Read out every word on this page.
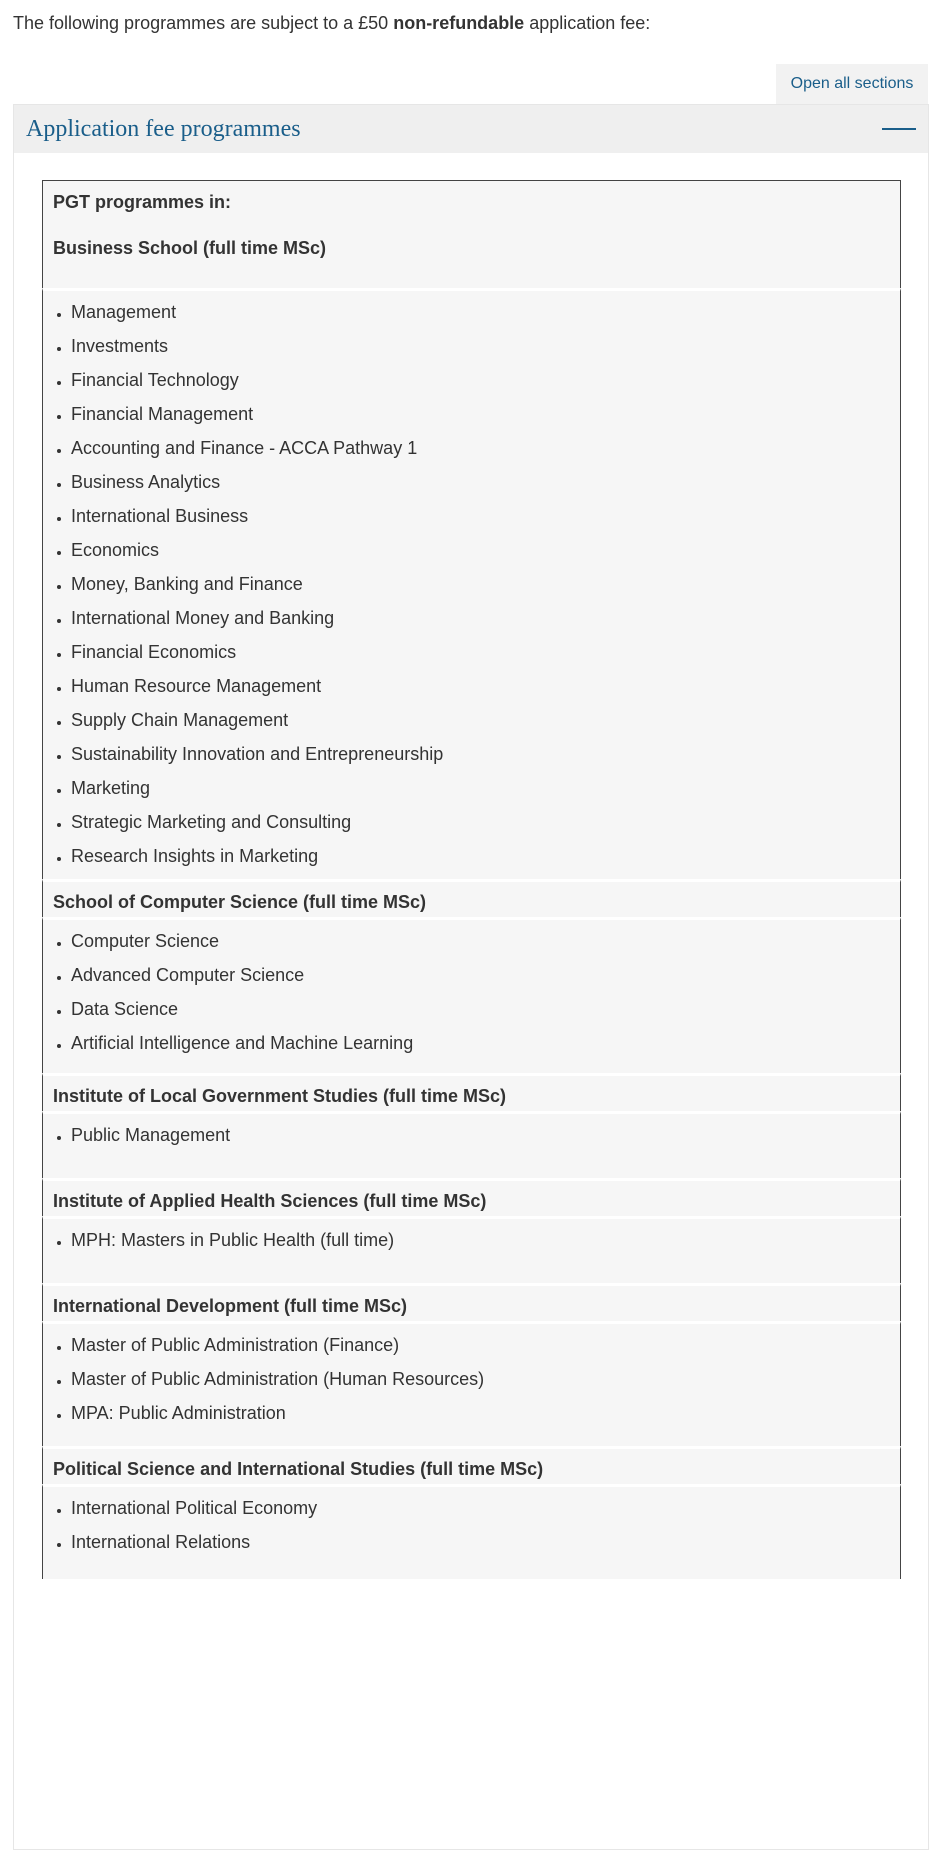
The following programmes are subject to a £50 non-refundable application fee:

Open all sections
Application fee programmes

PGT programmes in:

Business School (full time MSc)

• Management
• Investments
• Financial Technology
• Financial Management
• Accounting and Finance - ACCA Pathway 1
• Business Analytics
• International Business
• Economics
• Money, Banking and Finance
• International Money and Banking
• Financial Economics
• Human Resource Management
• Supply Chain Management
• Sustainability Innovation and Entrepreneurship
• Marketing
• Strategic Marketing and Consulting
• Research Insights in Marketing

School of Computer Science (full time MSc)

• Computer Science
• Advanced Computer Science
• Data Science
• Artificial Intelligence and Machine Learning

Institute of Local Government Studies (full time MSc)

• Public Management

Institute of Applied Health Sciences (full time MSc)

• MPH: Masters in Public Health (full time)

International Development (full time MSc)

• Master of Public Administration (Finance)
• Master of Public Administration (Human Resources)
• MPA: Public Administration

Political Science and International Studies (full time MSc)

• International Political Economy
• International Relations
